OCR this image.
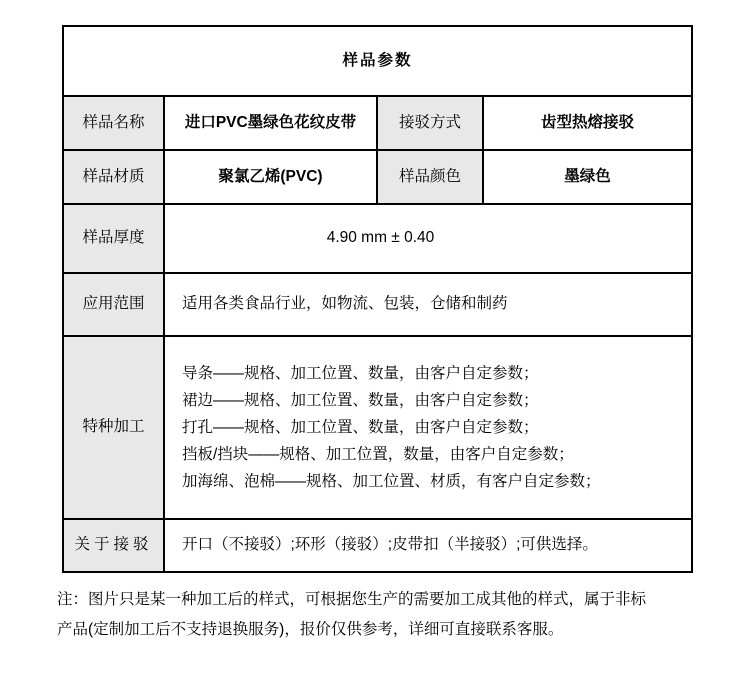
样品参数			
样品名称	进口PVC墨绿色花纹皮带	接驳方式	齿型热熔接驳
样品材质	聚氯乙烯(PVC)	样品颜色	墨绿色
样品厚度	4.90 mm ± 0.40		
应用范围	适用各类食品行业，如物流、包装，仓储和制药		
特种加工	导条——规格、加工位置、数量，由客户自定参数；
裙边——规格、加工位置、数量，由客户自定参数；
打孔——规格、加工位置、数量，由客户自定参数；
挡板/挡块——规格、加工位置，数量，由客户自定参数；
加海绵、泡棉——规格、加工位置、材质，有客户自定参数；		

关于接驳	开口（不接驳）;环形（接驳）;皮带扣（半接驳）;可供选择。		
注：图片只是某一种加工后的样式，可根据您生产的需要加工成其他的样式，属于非标
产品(定制加工后不支持退换服务)，报价仅供参考，详细可直接联系客服。
